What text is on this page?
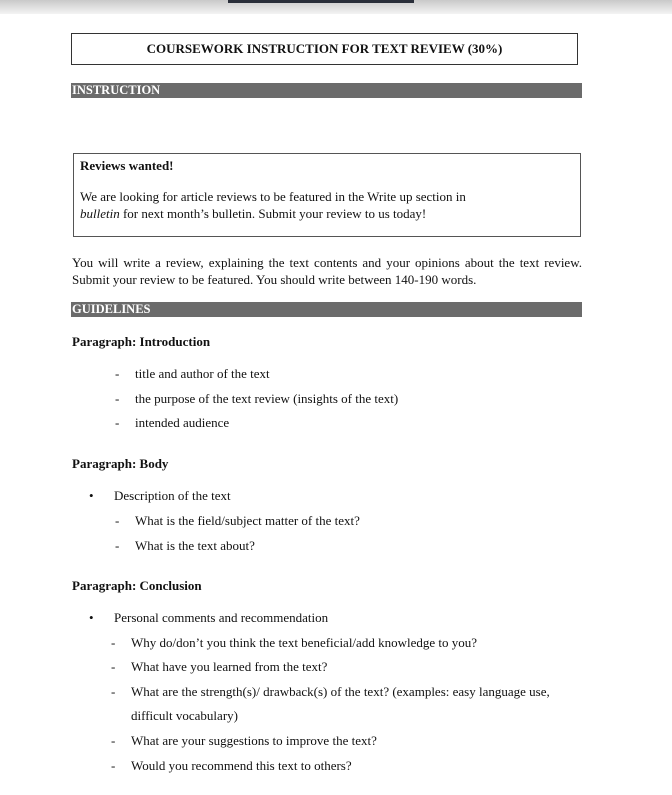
COURSEWORK INSTRUCTION FOR TEXT REVIEW (30%)
INSTRUCTION
Reviews wanted!
We are looking for article reviews to be featured in the Write up section in
bulletin for next month’s bulletin. Submit your review to us today!
You will write a review, explaining the text contents and your opinions about the text review. Submit your review to be featured. You should write between 140-190 words.
GUIDELINES
Paragraph: Introduction
- title and author of the text
- the purpose of the text review (insights of the text)
- intended audience
Paragraph: Body
• Description of the text
- What is the field/subject matter of the text?
- What is the text about?
Paragraph: Conclusion
• Personal comments and recommendation
- Why do/don’t you think the text beneficial/add knowledge to you?
- What have you learned from the text?
- What are the strength(s)/ drawback(s) of the text? (examples: easy language use,
difficult vocabulary)
- What are your suggestions to improve the text?
- Would you recommend this text to others?
